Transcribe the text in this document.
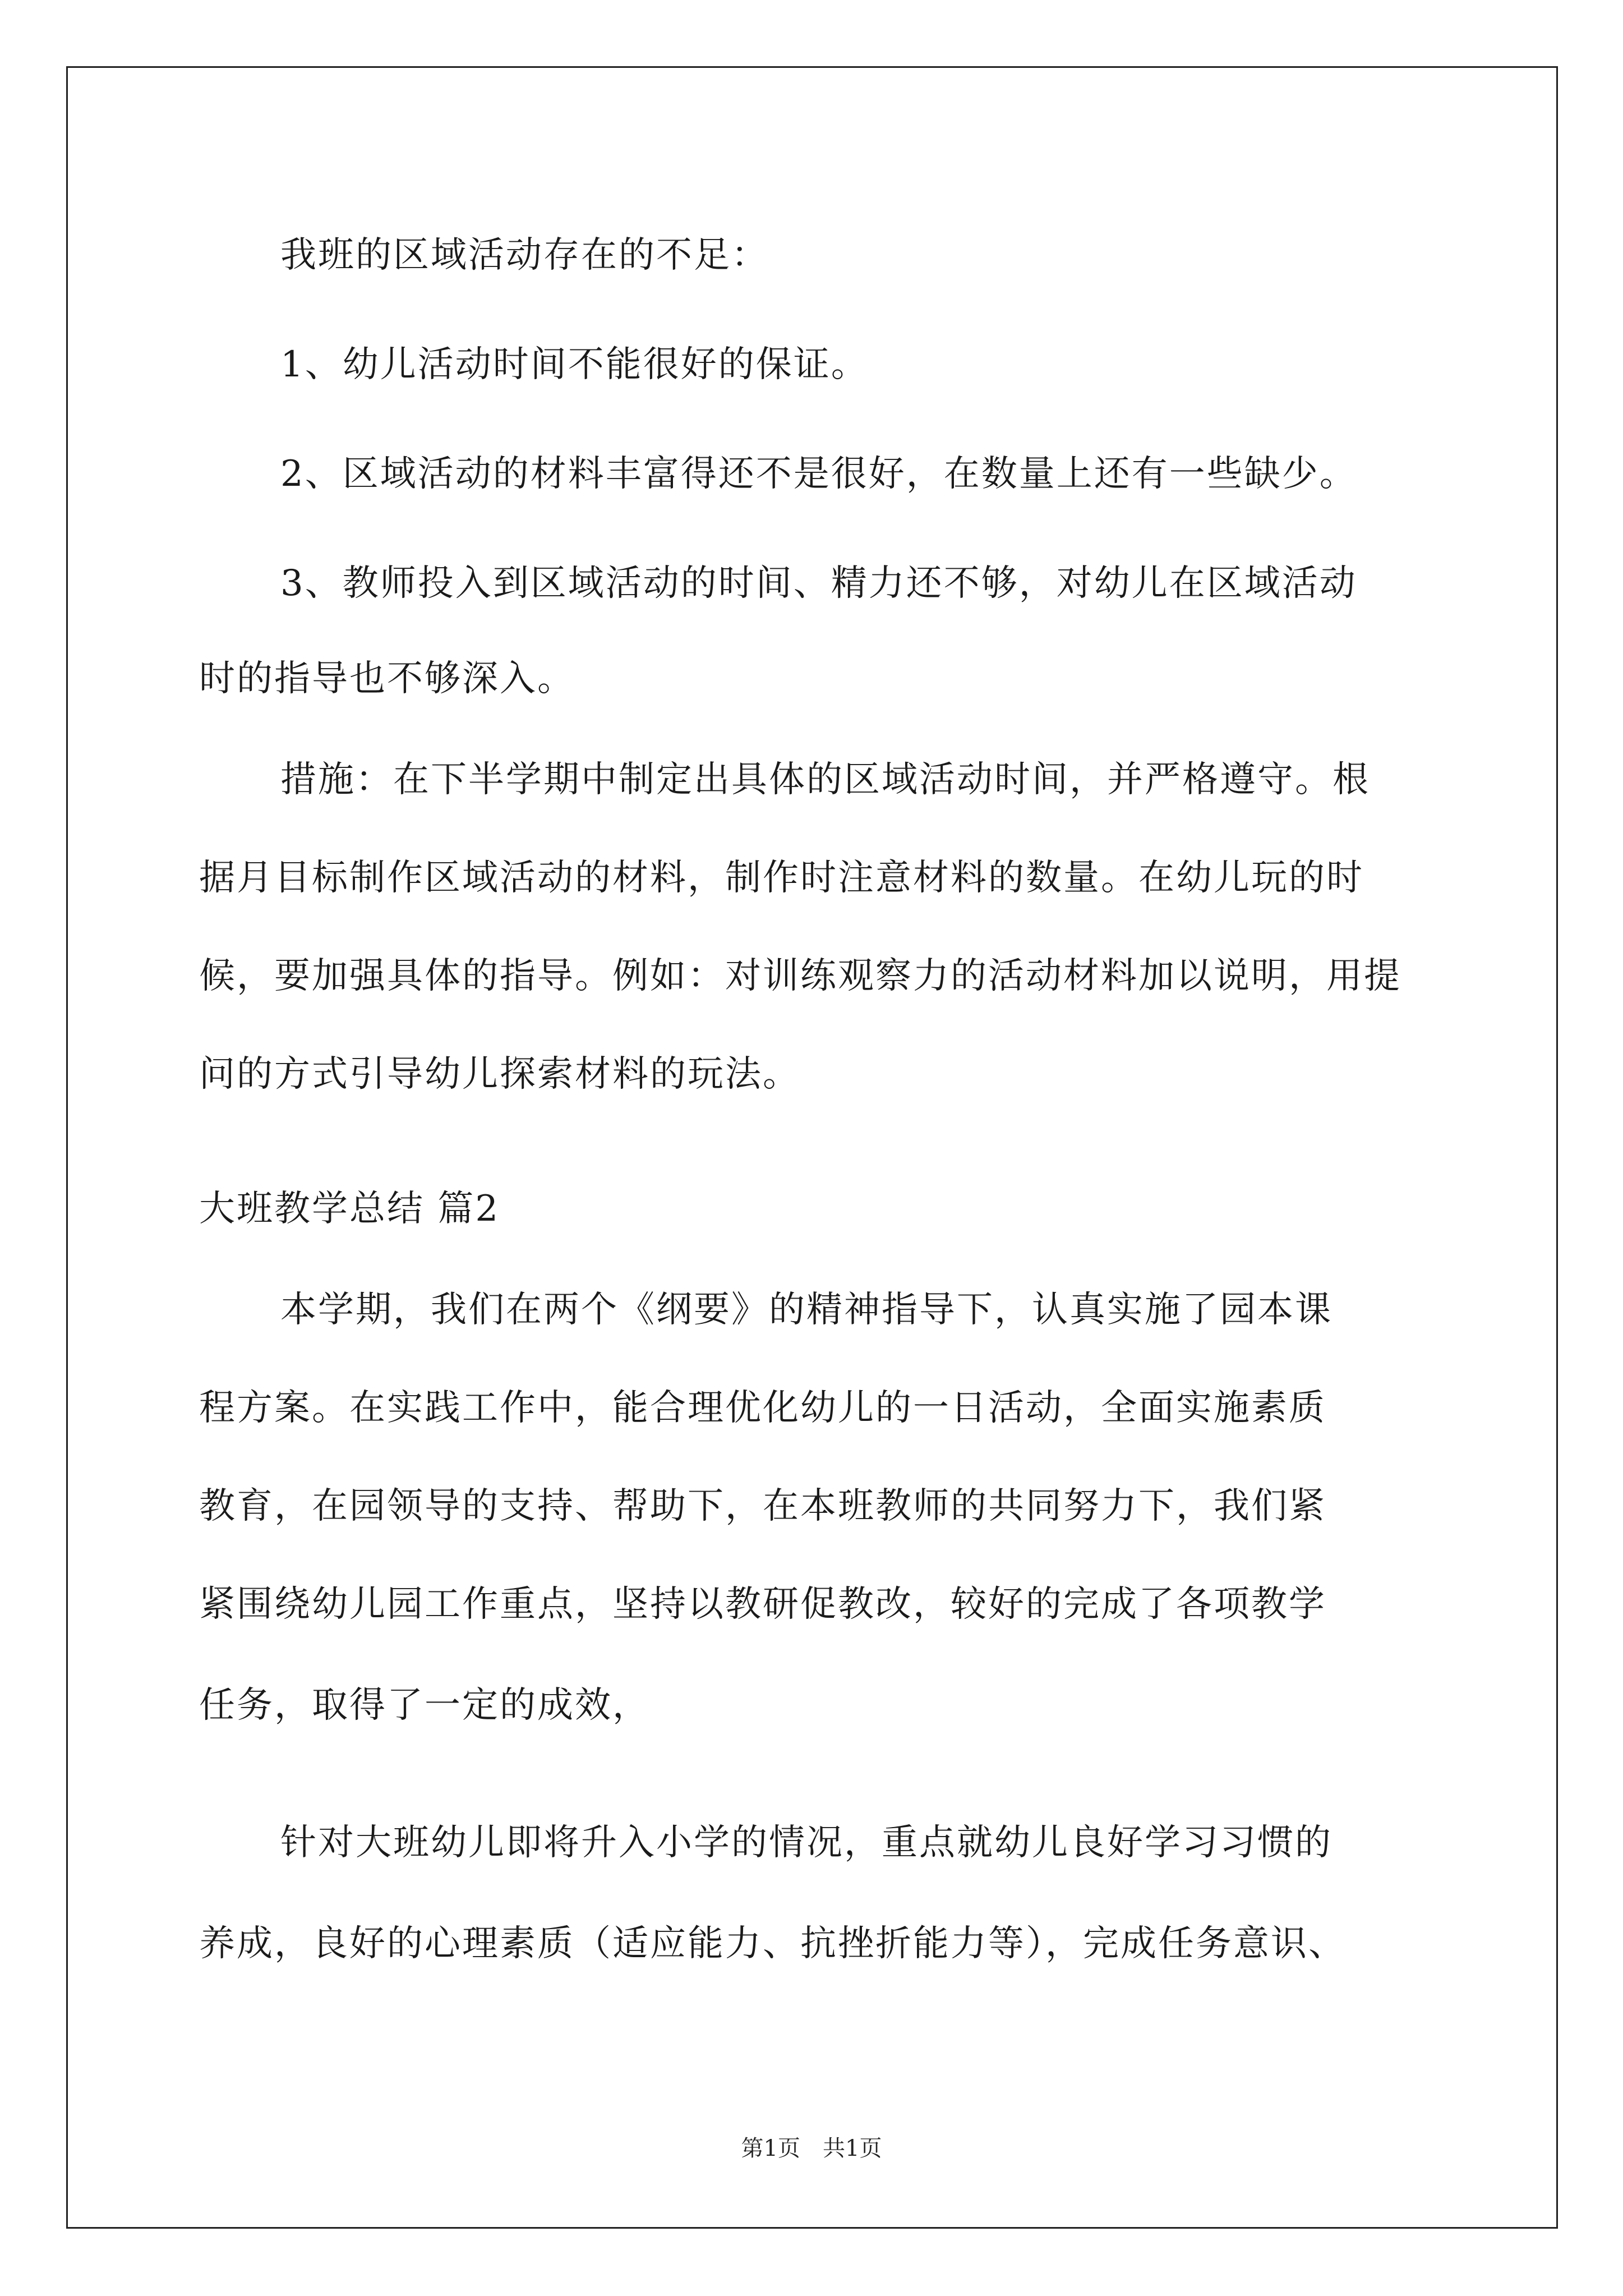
我班的区域活动存在的不足：
1、幼儿活动时间不能很好的保证。
2、区域活动的材料丰富得还不是很好，在数量上还有一些缺少。
3、教师投入到区域活动的时间、精力还不够，对幼儿在区域活动
时的指导也不够深入。
措施：在下半学期中制定出具体的区域活动时间，并严格遵守。根
据月目标制作区域活动的材料，制作时注意材料的数量。在幼儿玩的时
候，要加强具体的指导。例如：对训练观察力的活动材料加以说明，用提
问的方式引导幼儿探索材料的玩法。
大班教学总结 篇2
本学期，我们在两个《纲要》的精神指导下，认真实施了园本课
程方案。在实践工作中，能合理优化幼儿的一日活动，全面实施素质
教育，在园领导的支持、帮助下，在本班教师的共同努力下，我们紧
紧围绕幼儿园工作重点，坚持以教研促教改，较好的完成了各项教学
任务，取得了一定的成效，
针对大班幼儿即将升入小学的情况，重点就幼儿良好学习习惯的
养成，良好的心理素质（适应能力、抗挫折能力等），完成任务意识、
第1页 共1页
